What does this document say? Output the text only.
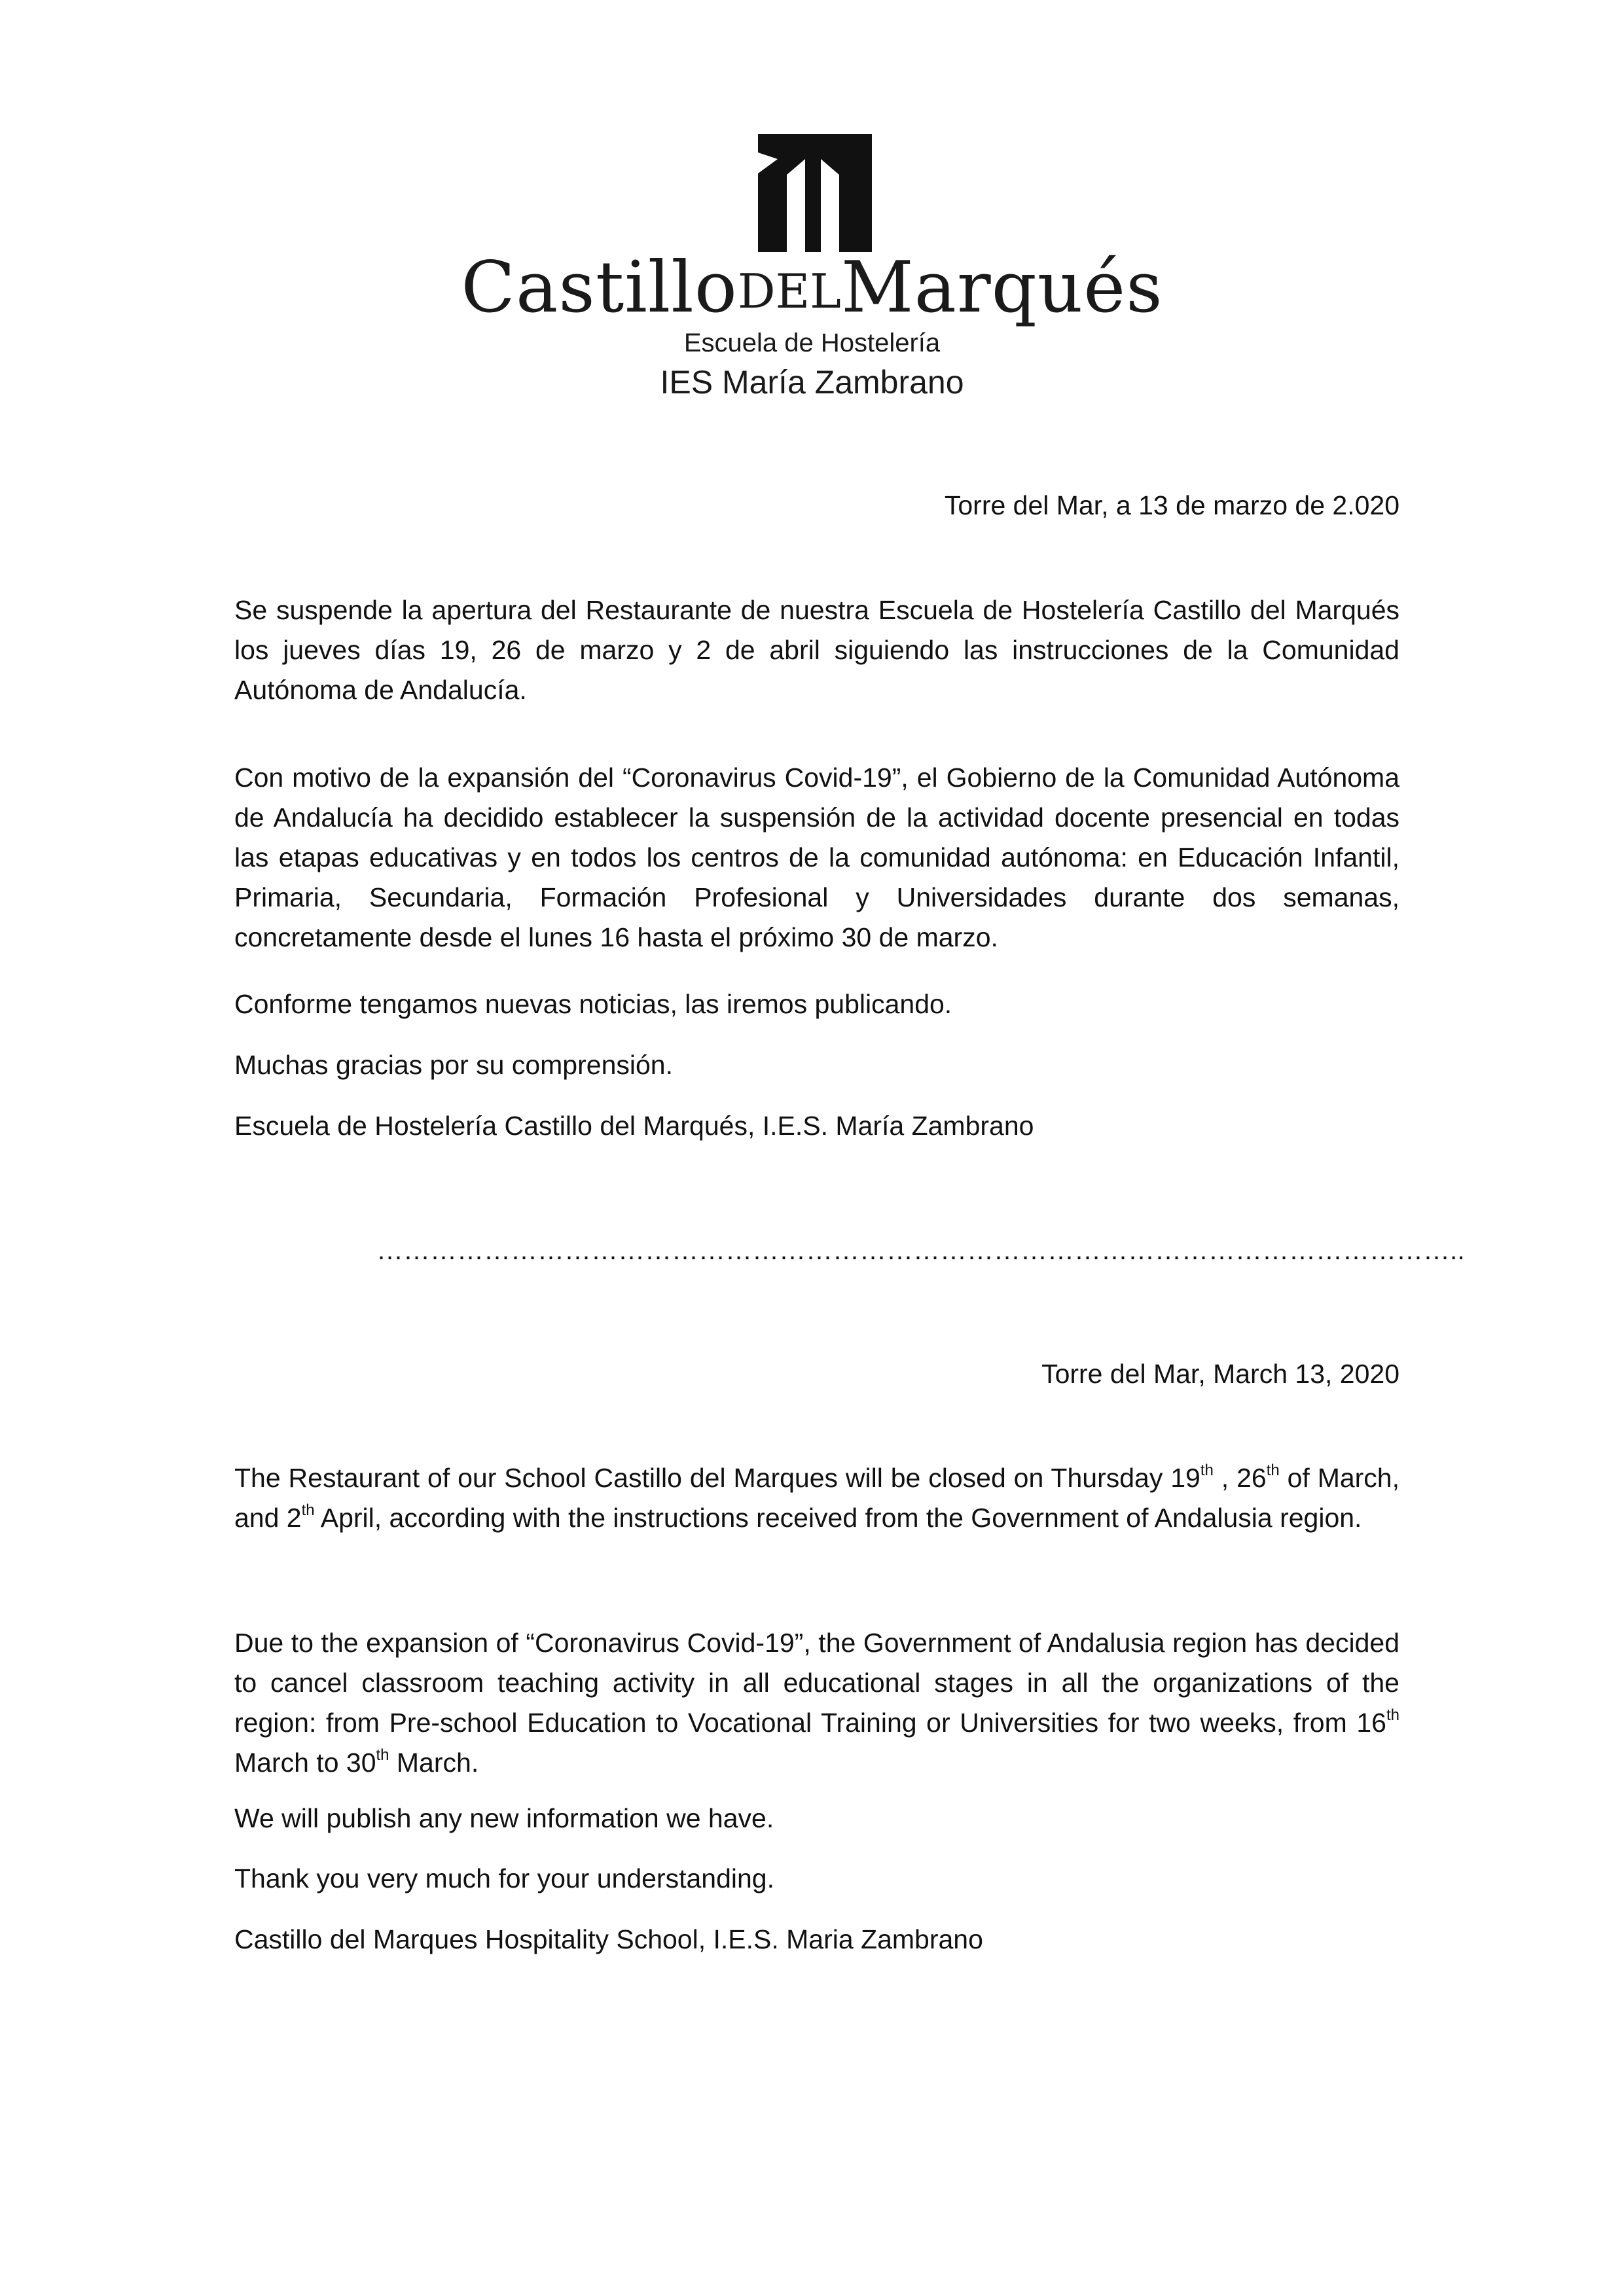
CastilloDELMarqués
Escuela de Hostelería
IES María Zambrano
Torre del Mar, a 13 de marzo de 2.020
Se suspende la apertura del Restaurante de nuestra Escuela de Hostelería Castillo del Marqués los jueves días 19, 26 de marzo y 2 de abril siguiendo las instrucciones de la Comunidad Autónoma de Andalucía.
Con motivo de la expansión del “Coronavirus Covid-19”, el Gobierno de la Comunidad Autónoma de Andalucía ha decidido establecer la suspensión de la actividad docente presencial en todas las etapas educativas y en todos los centros de la comunidad autónoma: en Educación Infantil, Primaria, Secundaria, Formación Profesional y Universidades durante dos semanas, concretamente desde el lunes 16 hasta el próximo 30 de marzo.
Conforme tengamos nuevas noticias, las iremos publicando.
Muchas gracias por su comprensión.
Escuela de Hostelería Castillo del Marqués, I.E.S. María Zambrano
…………………………………………………………………………………………………………..
Torre del Mar, March 13, 2020
The Restaurant of our School Castillo del Marques will be closed on Thursday 19th , 26th of March, and 2th April, according with the instructions received from the Government of Andalusia region.
Due to the expansion of “Coronavirus Covid-19”, the Government of Andalusia region has decided to cancel classroom teaching activity in all educational stages in all the organizations of the region: from Pre-school Education to Vocational Training or Universities for two weeks, from 16th March to 30th March.
We will publish any new information we have.
Thank you very much for your understanding.
Castillo del Marques Hospitality School, I.E.S. Maria Zambrano
